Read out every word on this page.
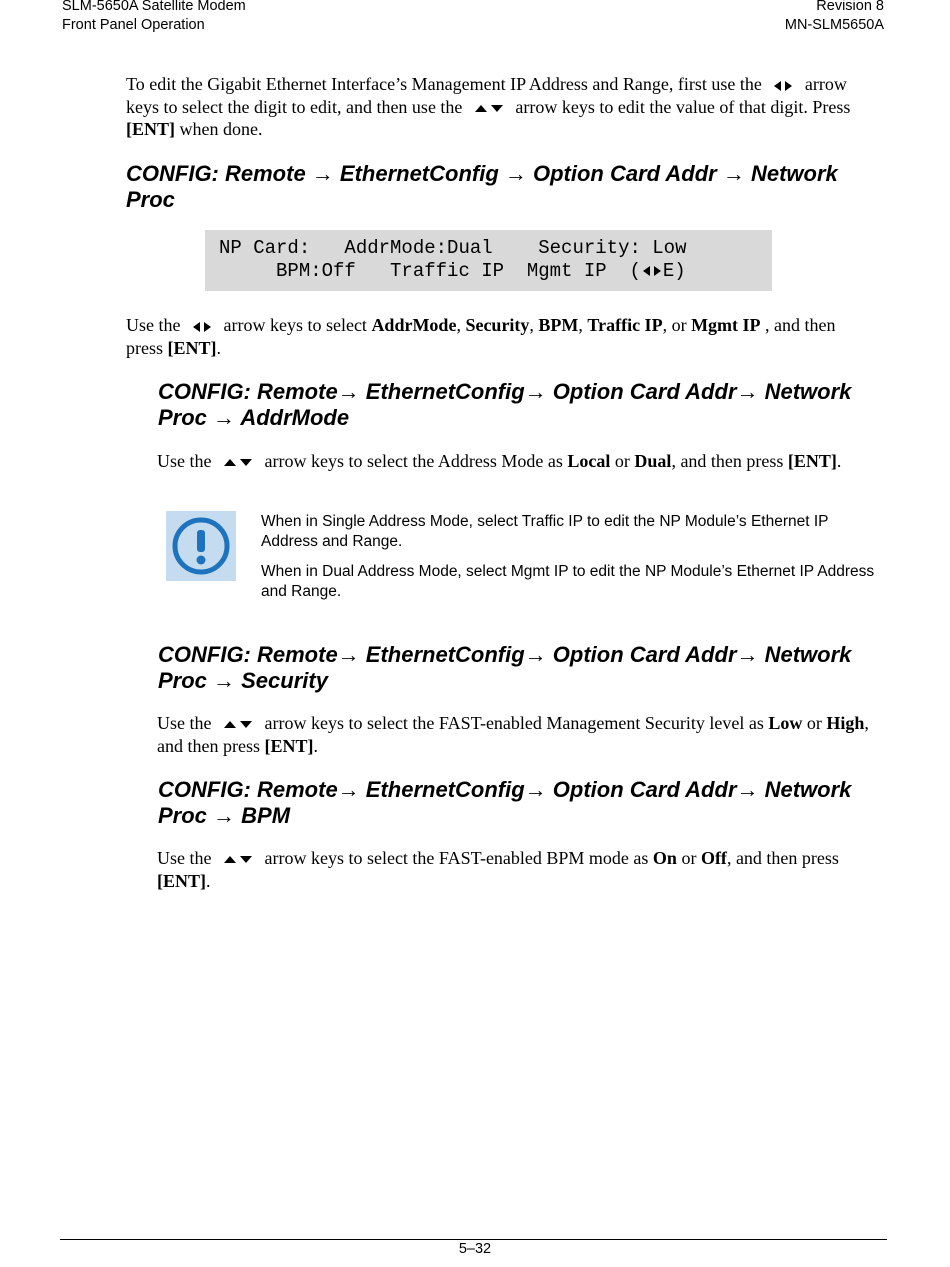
SLM-5650A Satellite Modem
Front Panel Operation
Revision 8
MN-SLM5650A
To edit the Gigabit Ethernet Interface’s Management IP Address and Range, first use the arrow keys to select the digit to edit, and then use the	arrow keys to edit the value of that digit. Press [ENT] when done.
CONFIG: Remote → EthernetConfig → Option Card Addr → Network Proc
NP Card:   AddrMode:Dual    Security: Low
BPM:Off   Traffic IP  Mgmt IP  ( E)
Use the arrow keys to select AddrMode, Security, BPM, Traffic IP, or Mgmt IP , and then press [ENT].
CONFIG: Remote→ EthernetConfig→ Option Card Addr→ Network Proc → AddrMode
Use the	arrow keys to select the Address Mode as Local or Dual, and then press [ENT].
When in Single Address Mode, select Traffic IP to edit the NP Module’s Ethernet IP Address and Range.
When in Dual Address Mode, select Mgmt IP to edit the NP Module’s Ethernet IP Address and Range.
CONFIG: Remote→ EthernetConfig→ Option Card Addr→ Network Proc → Security
Use the	arrow keys to select the FAST-enabled Management Security level as Low or High, and then press [ENT].
CONFIG: Remote→ EthernetConfig→ Option Card Addr→ Network Proc → BPM
Use the	arrow keys to select the FAST-enabled BPM mode as On or Off, and then press [ENT].
5–32
